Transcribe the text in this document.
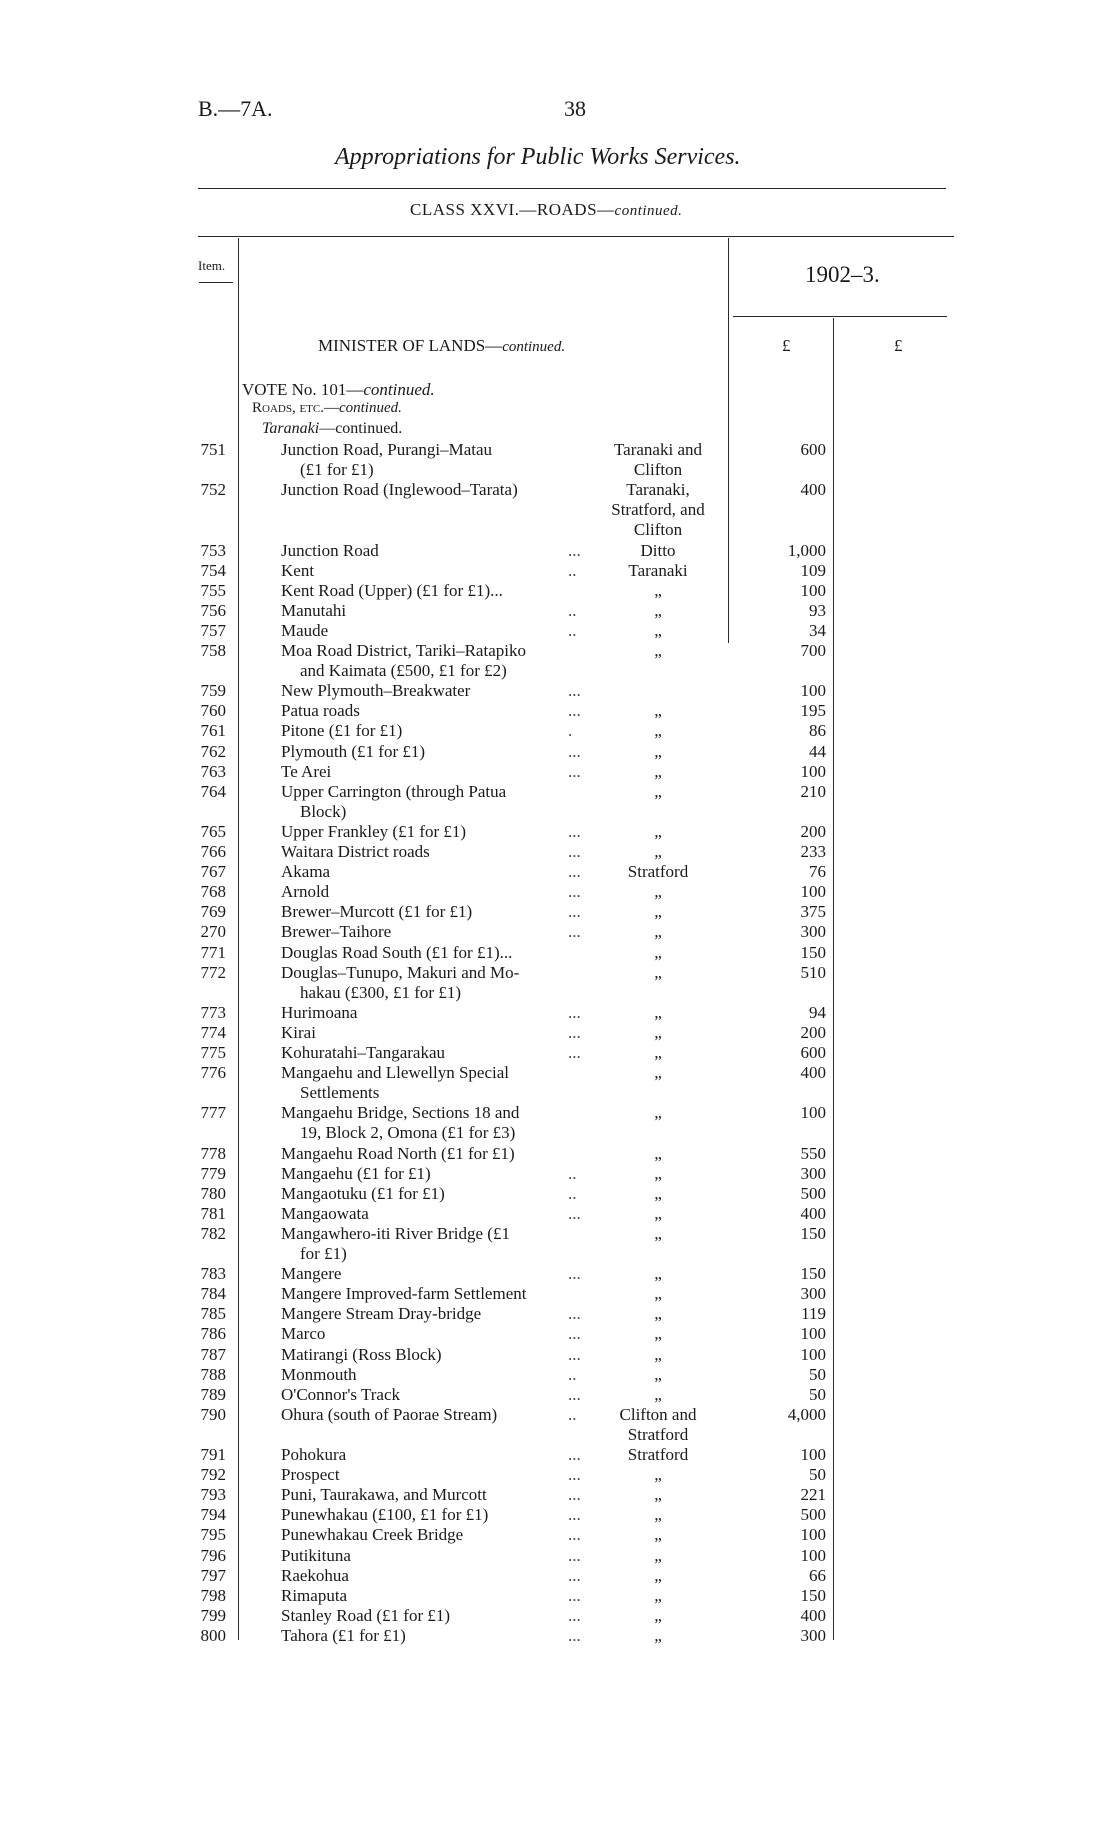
B.—7A.	38
Appropriations for Public Works Services.
CLASS XXVI.—ROADS—continued.
Item.	1902–3.
MINISTER OF LANDS—continued.	£	£
VOTE No. 101—continued.
Roads, etc.—continued.
Taranaki—continued.
751	Junction Road, Purangi–Matau	Taranaki and	600
(£1 for £1)	Clifton
752	Junction Road (Inglewood–Tarata)	Taranaki,	400
Stratford, and
Clifton
753	Junction Road	...	Ditto	1,000
754	Kent	..	Taranaki	109
755	Kent Road (Upper) (£1 for £1)...	„	100
756	Manutahi	..	„	93
757	Maude	..	„	34
758	Moa Road District, Tariki–Ratapiko	„	700
and Kaimata (£500, £1 for £2)
759	New Plymouth–Breakwater	...	100
760	Patua roads	...	„	195
761	Pitone (£1 for £1)	.	„	86
762	Plymouth (£1 for £1)	...	„	44
763	Te Arei	...	„	100
764	Upper Carrington (through Patua	„	210
Block)
765	Upper Frankley (£1 for £1)	...	„	200
766	Waitara District roads	...	„	233
767	Akama	...	Stratford	76
768	Arnold	...	„	100
769	Brewer–Murcott (£1 for £1)	...	„	375
270	Brewer–Taihore	...	„	300
771	Douglas Road South (£1 for £1)...	„	150
772	Douglas–Tunupo, Makuri and Mo-	„	510
hakau (£300, £1 for £1)
773	Hurimoana	...	„	94
774	Kirai	...	„	200
775	Kohuratahi–Tangarakau	...	„	600
776	Mangaehu and Llewellyn Special	„	400
Settlements
777	Mangaehu Bridge, Sections 18 and	„	100
19, Block 2, Omona (£1 for £3)
778	Mangaehu Road North (£1 for £1)	„	550
779	Mangaehu (£1 for £1)	..	„	300
780	Mangaotuku (£1 for £1)	..	„	500
781	Mangaowata	...	„	400
782	Mangawhero-iti River Bridge (£1	„	150
for £1)
783	Mangere	...	„	150
784	Mangere Improved-farm Settlement	„	300
785	Mangere Stream Dray-bridge	...	„	119
786	Marco	...	„	100
787	Matirangi (Ross Block)	...	„	100
788	Monmouth	..	„	50
789	O'Connor's Track	...	„	50
790	Ohura (south of Paorae Stream)	..	Clifton and	4,000
Stratford
791	Pohokura	...	Stratford	100
792	Prospect	...	„	50
793	Puni, Taurakawa, and Murcott	...	„	221
794	Punewhakau (£100, £1 for £1)	...	„	500
795	Punewhakau Creek Bridge	...	„	100
796	Putikituna	...	„	100
797	Raekohua	...	„	66
798	Rimaputa	...	„	150
799	Stanley Road (£1 for £1)	...	„	400
800	Tahora (£1 for £1)	...	„	300
